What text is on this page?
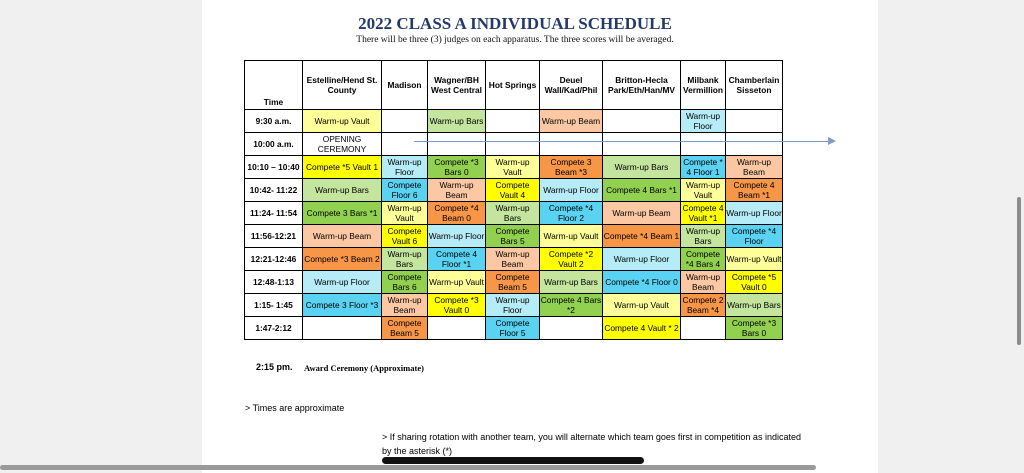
2022 CLASS A INDIVIDUAL SCHEDULE
There will be three (3) judges on each apparatus. The three scores will be averaged.
Time	Estelline/Hend St. County	Madison	Wagner/BH West Central	Hot Springs	Deuel Wall/Kad/Phil	Britton-Hecla Park/Eth/Han/MV	Milbank Vermillion	Chamberlain Sisseton
9:30 a.m.	Warm-up Vault		Warm-up Bars		Warm-up Beam		Warm-up Floor	
10:00 a.m.	OPENING CEREMONY							
10:10 – 10:40	Compete *5 Vault 1	Warm-up Floor	Compete *3 Bars 0	Warm-up Vault	Compete 3 Beam *3	Warm-up Bars	Compete * 4 Floor 1	Warm-up Beam
10:42- 11:22	Warm-up Bars	Compete Floor 6	Warm-up Beam	Compete Vault 4	Warm-up Floor	Compete 4 Bars *1	Warm-up Vault	Compete 4 Beam *1
11:24- 11:54	Compete 3 Bars *1	Warm-up Vault	Compete *4 Beam 0	Warm-up Bars	Compete *4 Floor 2	Warm-up Beam	Compete 4 Vault *1	Warm-up Floor
11:56-12:21	Warm-up Beam	Compete Vault 6	Warm-up Floor	Compete Bars 5	Warm-up Vault	Compete *4 Beam 1	Warm-up Bars	Compete *4 Floor
12:21-12:46	Compete *3 Beam 2	Warm-up Bars	Compete 4 Floor *1	Warm-up Beam	Compete *2 Vault 2	Warm-up Floor	Compete *4 Bars 4	Warm-up Vault
12:48-1:13	Warm-up Floor	Compete Bars 6	Warm-up Vault	Compete Beam 5	Warm-up Bars	Compete *4 Floor 0	Warm-up Beam	Compete *5 Vault 0
1:15- 1:45	Compete 3 Floor *3	Warm-up Beam	Compete *3 Vault 0	Warm-up Floor	Compete 4 Bars *2	Warm-up Vault	Compete 2 Beam *4	Warm-up Bars
1:47-2:12		Compete Beam 5		Compete Floor 5		Compete 4 Vault * 2		Compete *3 Bars 0
2:15 pm. Award Ceremony (Approximate)
> Times are approximate
> If sharing rotation with another team, you will alternate which team goes first in competition as indicated by the asterisk (*)
